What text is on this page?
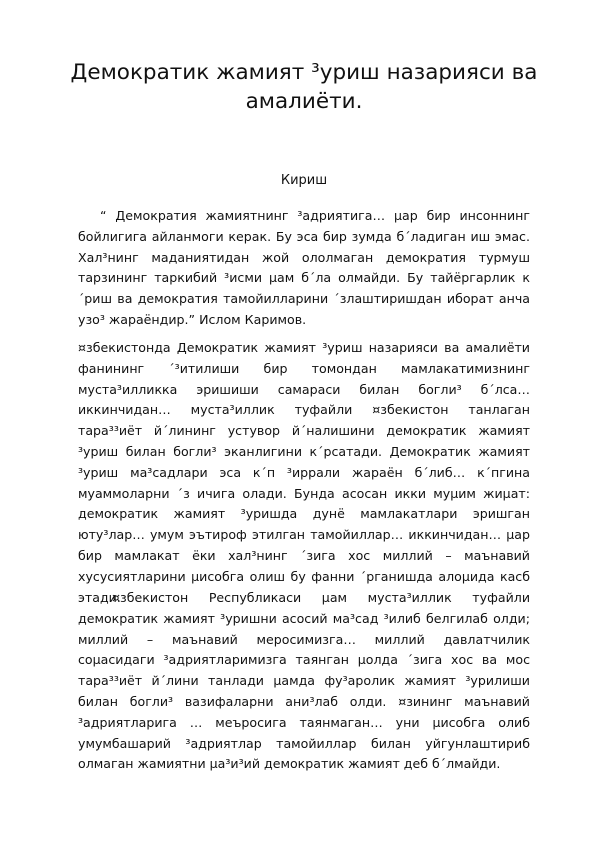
Демократик жамият ³уриш назарияси ва амалиёти.
Кириш

“ Демократия жамиятнинг ³адриятига… µар бир инсоннинг бойлигига айланмоги керак. Бу эса бир зумда б´ладиган иш эмас. Хал³нинг маданиятидан жой ололмаган демократия турмуш тарзининг таркибий ³исми µам б´ла олмайди. Бу тайёргарлик к´риш ва демократия тамойилларини ´злаштиришдан иборат анча узо³ жараёндир.” Ислом Каримов.

¤збекистонда Демократик жамият ³уриш назарияси ва амалиёти фанининг ´³итилиши бир томондан мамлакатимизнинг муста³илликка эришиши самараси билан богли³ б´лса… иккинчидан… муста³иллик туфайли ¤збекистон танлаган тара³³иёт й´лининг устувор й´налишини демократик жамият ³уриш билан богли³ эканлигини к´рсатади. Демократик жамият ³уриш ма³садлари эса к´п ³иррали жараён б´либ… к´пгина муаммоларни ´з ичига олади. Бунда асосан икки муµим жиµат: демократик жамият ³уришда дунё мамлакатлари эришган юту³лар… умум эътироф этилган тамойиллар… иккинчидан… µар бир мамлакат ёки хал³нинг ´зига хос миллий – маънавий хусусиятларини µисобга олиш бу фанни ´рганишда алоµида касб этади.

¤збекистон Республикаси µам муста³иллик туфайли демократик жамият ³уришни асосий ма³сад ³илиб белгилаб олди; миллий – маънавий меросимизга… миллий давлатчилик соµасидаги ³адриятларимизга таянган µолда ´зига хос ва мос тара³³иёт й´лини танлади µамда фу³аролик жамият ³урилиши билан богли³ вазифаларни ани³лаб олди. ¤зининг маънавий ³адриятларига … меъросига таянмаган… уни µисобга олиб умумбашарий ³адриятлар тамойиллар билан уйгунлаштириб олмаган жамиятни µа³и³ий демократик жамият деб б´лмайди.
